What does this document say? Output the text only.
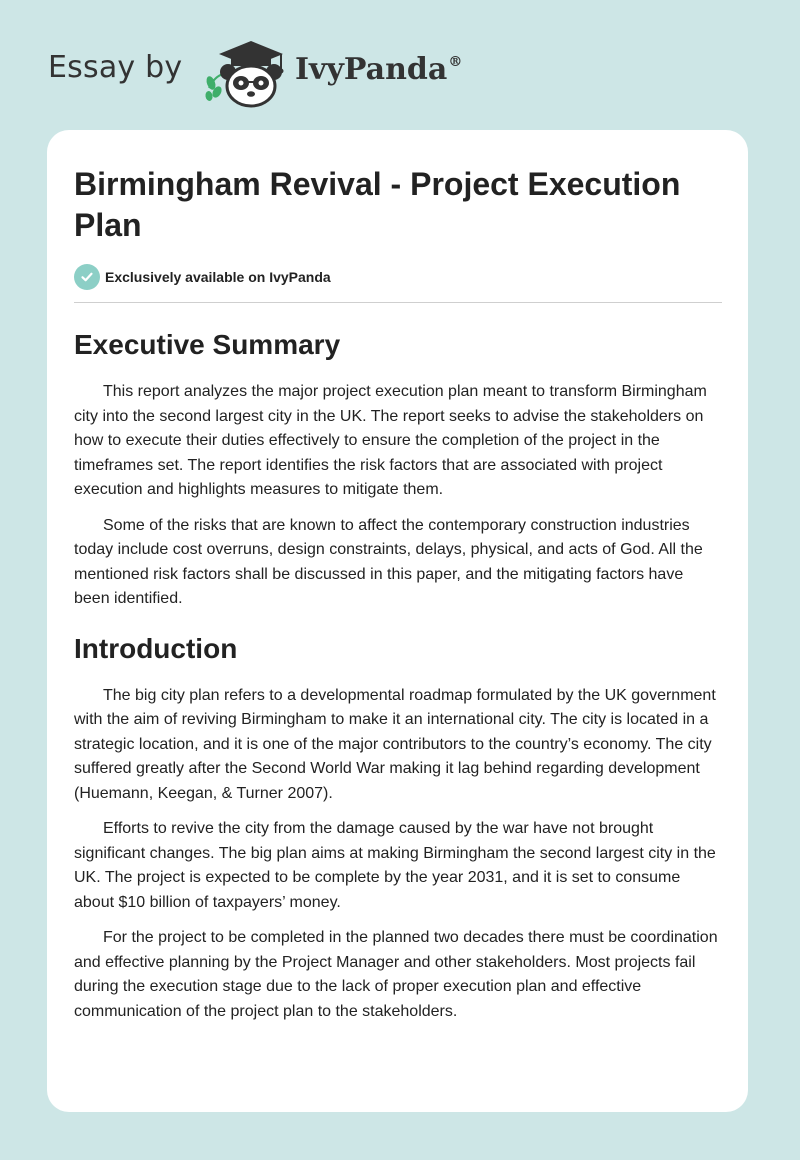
Essay by	IvyPanda®
Birmingham Revival - Project Execution Plan
Exclusively available on IvyPanda
Executive Summary

This report analyzes the major project execution plan meant to transform Birmingham city into the second largest city in the UK. The report seeks to advise the stakeholders on how to execute their duties effectively to ensure the completion of the project in the timeframes set. The report identifies the risk factors that are associated with project execution and highlights measures to mitigate them.

Some of the risks that are known to affect the contemporary construction industries today include cost overruns, design constraints, delays, physical, and acts of God. All the mentioned risk factors shall be discussed in this paper, and the mitigating factors have been identified.

Introduction

The big city plan refers to a developmental roadmap formulated by the UK government with the aim of reviving Birmingham to make it an international city. The city is located in a strategic location, and it is one of the major contributors to the country’s economy. The city suffered greatly after the Second World War making it lag behind regarding development (Huemann, Keegan, & Turner 2007).

Efforts to revive the city from the damage caused by the war have not brought significant changes. The big plan aims at making Birmingham the second largest city in the UK. The project is expected to be complete by the year 2031, and it is set to consume about $10 billion of taxpayers’ money.

For the project to be completed in the planned two decades there must be coordination and effective planning by the Project Manager and other stakeholders. Most projects fail during the execution stage due to the lack of proper execution plan and effective communication of the project plan to the stakeholders.
